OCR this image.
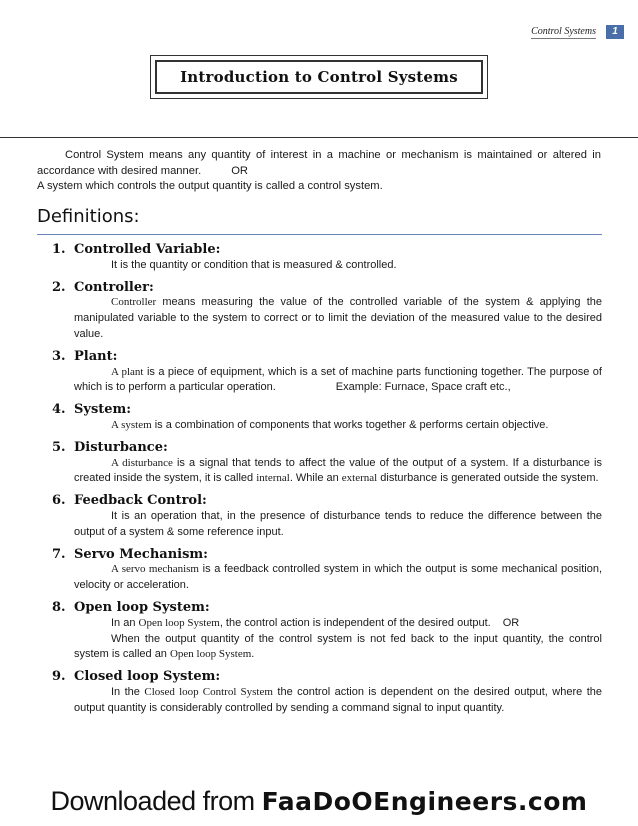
Control Systems	1
Introduction to Control Systems

Control System means any quantity of interest in a machine or mechanism is maintained or altered in accordance with desired manner.	OR

A system which controls the output quantity is called a control system.

Definitions:
1. Controlled Variable:
It is the quantity or condition that is measured & controlled.
2. Controller:
Controller means measuring the value of the controlled variable of the system & applying the manipulated variable to the system to correct or to limit the deviation of the measured value to the desired value.
3. Plant:
A plant is a piece of equipment, which is a set of machine parts functioning together. The purpose of which is to perform a particular operation.	Example: Furnace, Space craft etc.,
4. System:
A system is a combination of components that works together & performs certain objective.
5. Disturbance:
A disturbance is a signal that tends to affect the value of the output of a system. If a disturbance is created inside the system, it is called internal. While an external disturbance is generated outside the system.
6. Feedback Control:
It is an operation that, in the presence of disturbance tends to reduce the difference between the output of a system & some reference input.
7. Servo Mechanism:
A servo mechanism is a feedback controlled system in which the output is some mechanical position, velocity or acceleration.
8. Open loop System:
In an Open loop System, the control action is independent of the desired output. OR
When the output quantity of the control system is not fed back to the input quantity, the control system is called an Open loop System.
9. Closed loop System:
In the Closed loop Control System the control action is dependent on the desired output, where the output quantity is considerably controlled by sending a command signal to input quantity.
Downloaded from FaaDoOEngineers.com
